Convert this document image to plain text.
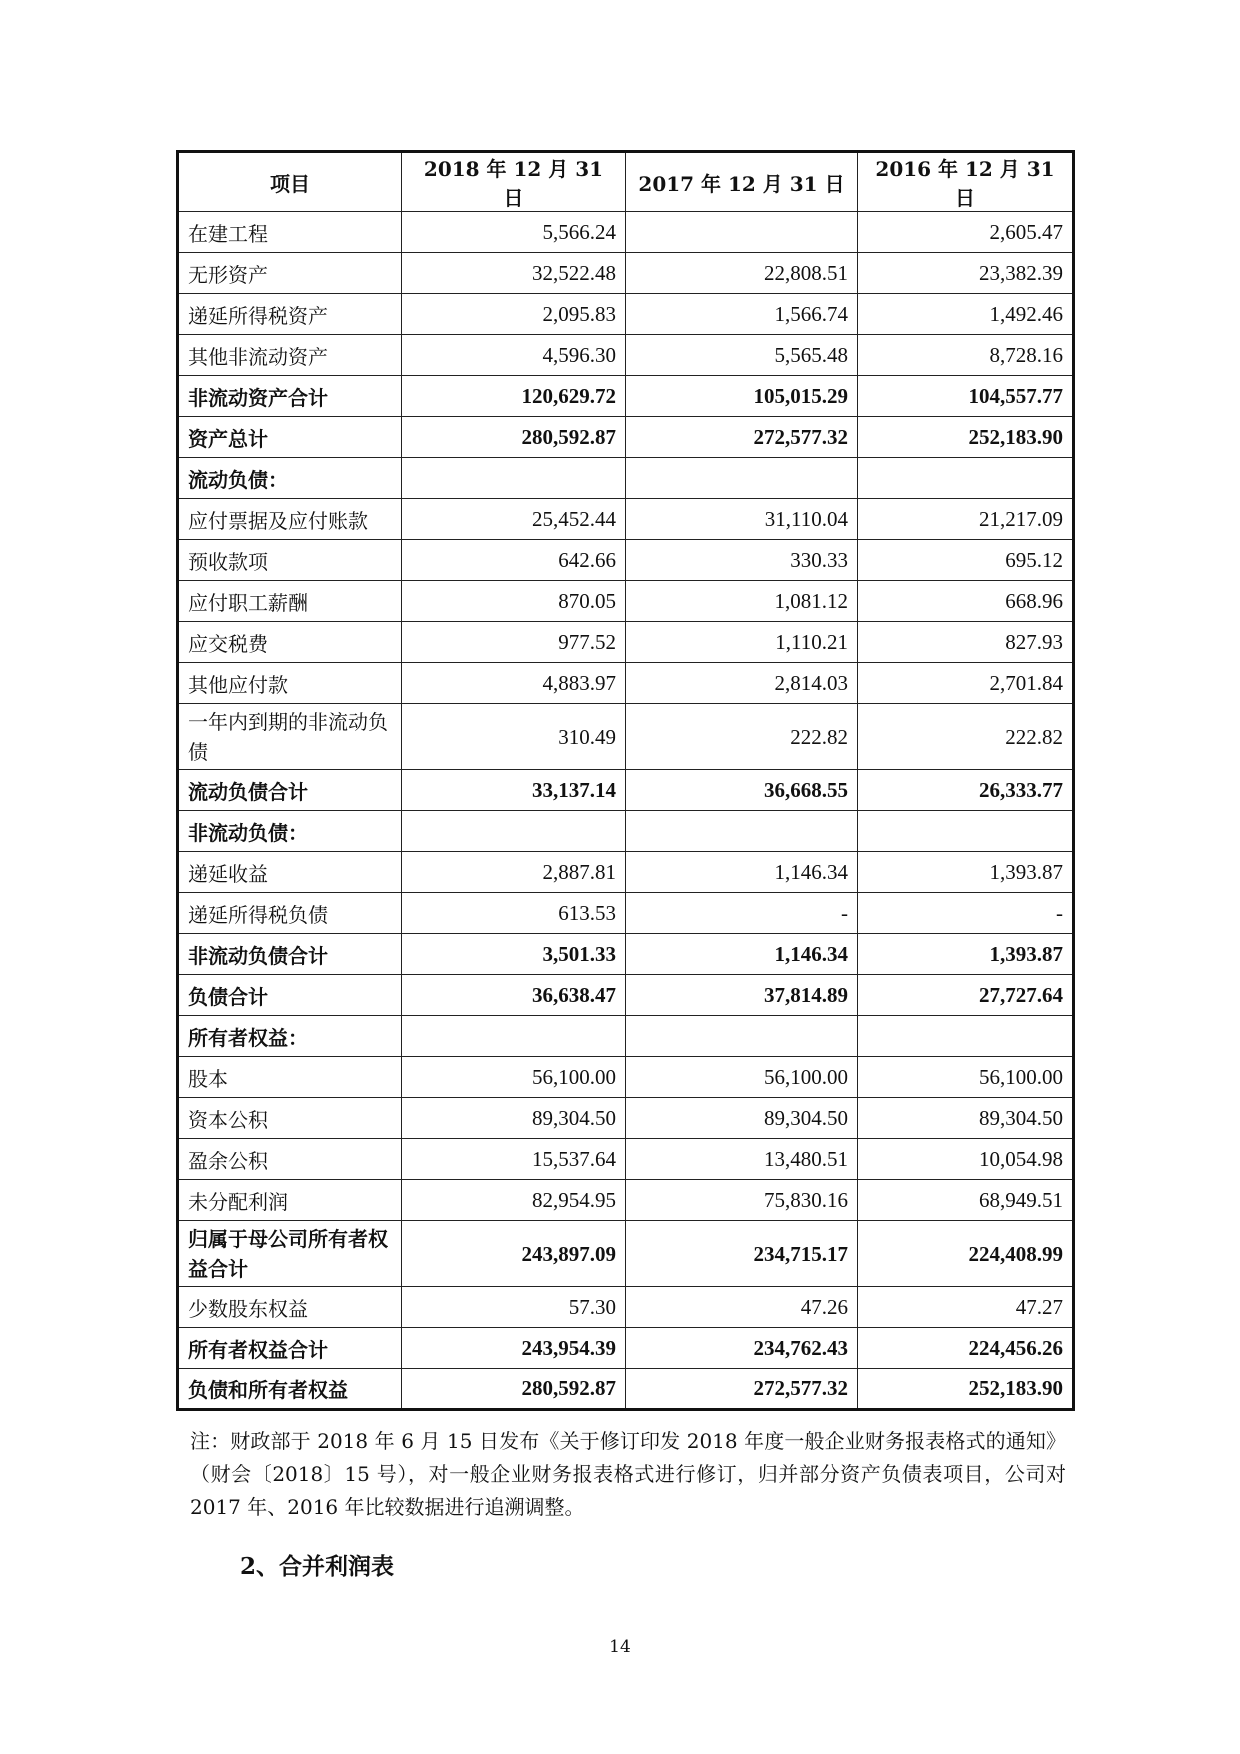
项目	2018 年 12 月 31 日	2017 年 12 月 31 日	2016 年 12 月 31 日
在建工程	5,566.24		2,605.47
无形资产	32,522.48	22,808.51	23,382.39
递延所得税资产	2,095.83	1,566.74	1,492.46
其他非流动资产	4,596.30	5,565.48	8,728.16
非流动资产合计	120,629.72	105,015.29	104,557.77
资产总计	280,592.87	272,577.32	252,183.90
流动负债：			
应付票据及应付账款	25,452.44	31,110.04	21,217.09
预收款项	642.66	330.33	695.12
应付职工薪酬	870.05	1,081.12	668.96
应交税费	977.52	1,110.21	827.93
其他应付款	4,883.97	2,814.03	2,701.84
一年内到期的非流动负债	310.49	222.82	222.82
流动负债合计	33,137.14	36,668.55	26,333.77
非流动负债：			
递延收益	2,887.81	1,146.34	1,393.87
递延所得税负债	613.53	-	-
非流动负债合计	3,501.33	1,146.34	1,393.87
负债合计	36,638.47	37,814.89	27,727.64
所有者权益：			
股本	56,100.00	56,100.00	56,100.00
资本公积	89,304.50	89,304.50	89,304.50
盈余公积	15,537.64	13,480.51	10,054.98
未分配利润	82,954.95	75,830.16	68,949.51
归属于母公司所有者权益合计	243,897.09	234,715.17	224,408.99
少数股东权益	57.30	47.26	47.27
所有者权益合计	243,954.39	234,762.43	224,456.26
负债和所有者权益	280,592.87	272,577.32	252,183.90
注：财政部于 2018 年 6 月 15 日发布《关于修订印发 2018 年度一般企业财务报表格式的通知》（财会〔2018〕15 号），对一般企业财务报表格式进行修订，归并部分资产负债表项目，公司对 2017 年、2016 年比较数据进行追溯调整。
2、合并利润表
14
